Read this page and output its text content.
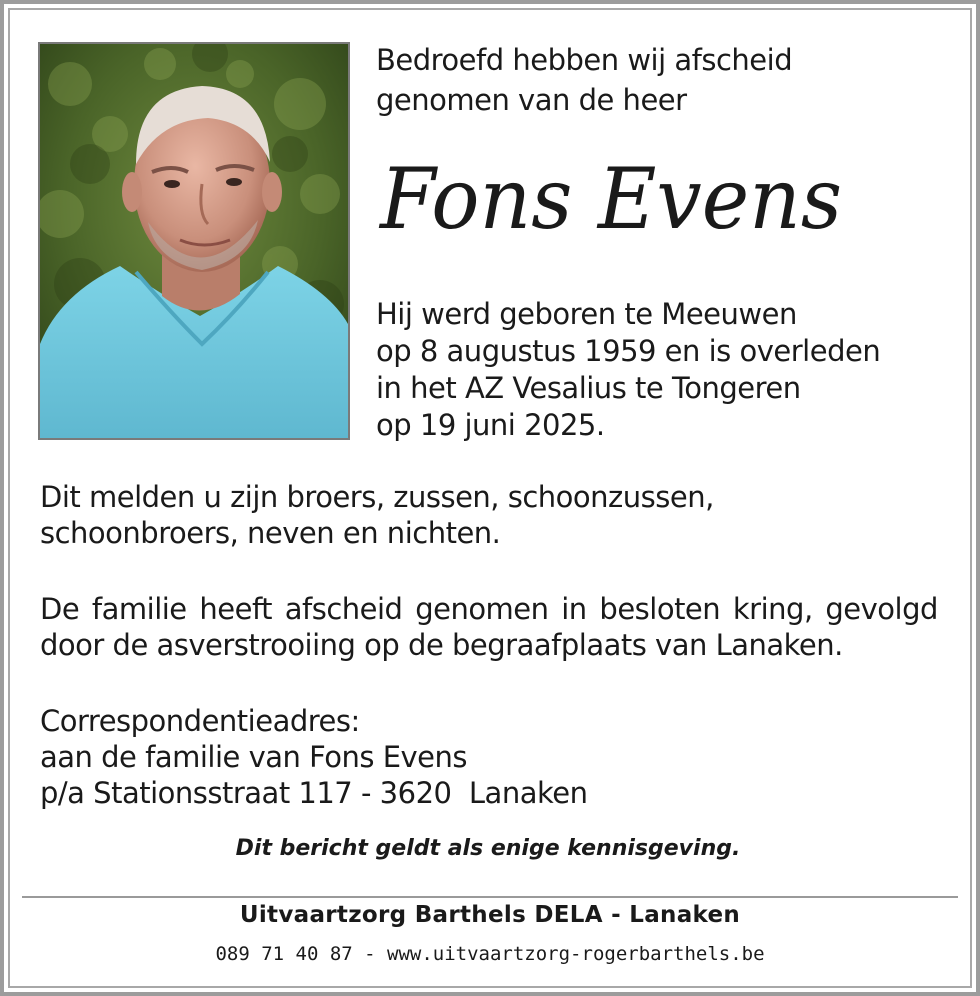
Bedroefd hebben wij afscheid
genomen van de heer
Fons Evens
Hij werd geboren te Meeuwen
op 8 augustus 1959 en is overleden
in het AZ Vesalius te Tongeren
op 19 juni 2025.
Dit melden u zijn broers, zussen, schoonzussen,
schoonbroers, neven en nichten.
De familie heeft afscheid genomen in besloten kring, gevolgd
door de asverstrooiing op de begraafplaats van Lanaken.
Correspondentieadres:
aan de familie van Fons Evens
p/a Stationsstraat 117 - 3620  Lanaken
Dit bericht geldt als enige kennisgeving.
Uitvaartzorg Barthels DELA - Lanaken
089 71 40 87 - www.uitvaartzorg-rogerbarthels.be
